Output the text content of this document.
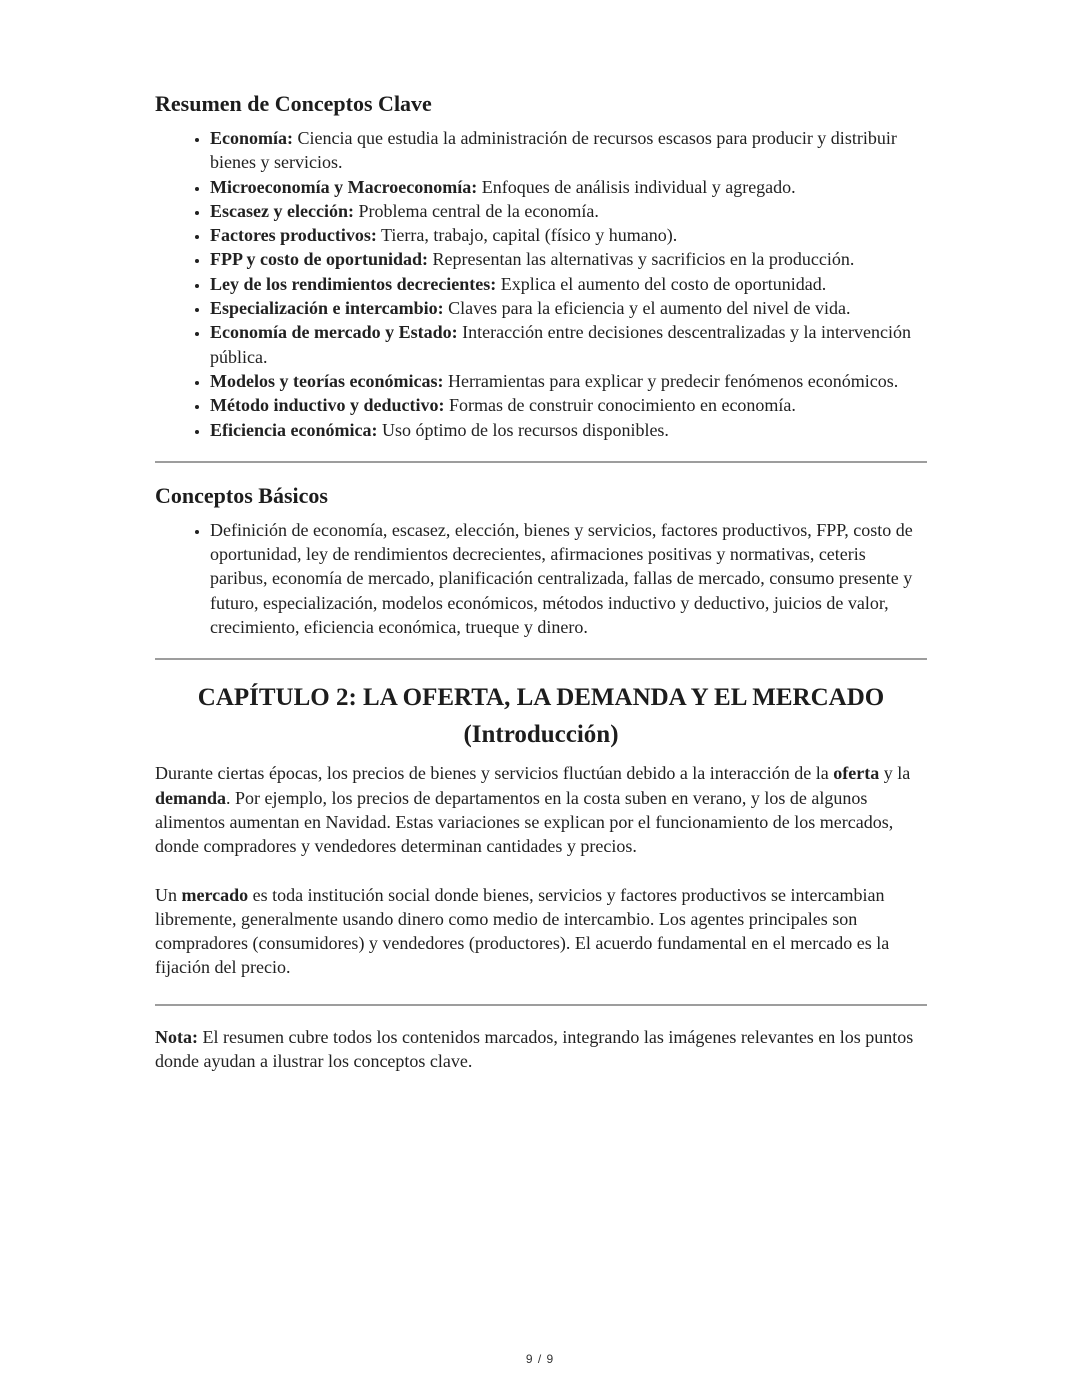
Resumen de Conceptos Clave
• Economía: Ciencia que estudia la administración de recursos escasos para producir y distribuir bienes y servicios.
• Microeconomía y Macroeconomía: Enfoques de análisis individual y agregado.
• Escasez y elección: Problema central de la economía.
• Factores productivos: Tierra, trabajo, capital (físico y humano).
• FPP y costo de oportunidad: Representan las alternativas y sacrificios en la producción.
• Ley de los rendimientos decrecientes: Explica el aumento del costo de oportunidad.
• Especialización e intercambio: Claves para la eficiencia y el aumento del nivel de vida.
• Economía de mercado y Estado: Interacción entre decisiones descentralizadas y la intervención pública.
• Modelos y teorías económicas: Herramientas para explicar y predecir fenómenos económicos.
• Método inductivo y deductivo: Formas de construir conocimiento en economía.
• Eficiencia económica: Uso óptimo de los recursos disponibles.
Conceptos Básicos
• Definición de economía, escasez, elección, bienes y servicios, factores productivos, FPP, costo de oportunidad, ley de rendimientos decrecientes, afirmaciones positivas y normativas, ceteris paribus, economía de mercado, planificación centralizada, fallas de mercado, consumo presente y futuro, especialización, modelos económicos, métodos inductivo y deductivo, juicios de valor, crecimiento, eficiencia económica, trueque y dinero.
CAPÍTULO 2: LA OFERTA, LA DEMANDA Y EL MERCADO
(Introducción)

Durante ciertas épocas, los precios de bienes y servicios fluctúan debido a la interacción de la oferta y la demanda. Por ejemplo, los precios de departamentos en la costa suben en verano, y los de algunos alimentos aumentan en Navidad. Estas variaciones se explican por el funcionamiento de los mercados, donde compradores y vendedores determinan cantidades y precios.

Un mercado es toda institución social donde bienes, servicios y factores productivos se intercambian libremente, generalmente usando dinero como medio de intercambio. Los agentes principales son compradores (consumidores) y vendedores (productores). El acuerdo fundamental en el mercado es la fijación del precio.

Nota: El resumen cubre todos los contenidos marcados, integrando las imágenes relevantes en los puntos donde ayudan a ilustrar los conceptos clave.

9 / 9
